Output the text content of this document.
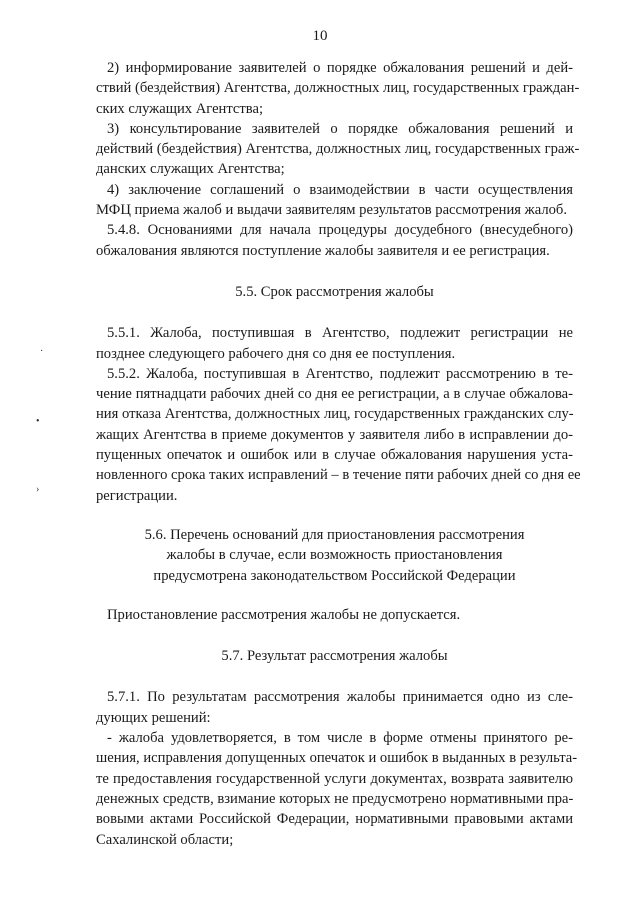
10
·
•
›
2) информирование заявителей о порядке обжалования решений и дей-
ствий (бездействия) Агентства, должностных лиц, государственных граждан-
ских служащих Агентства;
3) консультирование заявителей о порядке обжалования решений и
действий (бездействия) Агентства, должностных лиц, государственных граж-
данских служащих Агентства;
4) заключение соглашений о взаимодействии в части осуществления
МФЦ приема жалоб и выдачи заявителям результатов рассмотрения жалоб.
5.4.8. Основаниями для начала процедуры досудебного (внесудебного)
обжалования являются поступление жалобы заявителя и ее регистрация.
5.5. Срок рассмотрения жалобы
5.5.1. Жалоба, поступившая в Агентство, подлежит регистрации не
позднее следующего рабочего дня со дня ее поступления.
5.5.2. Жалоба, поступившая в Агентство, подлежит рассмотрению в те-
чение пятнадцати рабочих дней со дня ее регистрации, а в случае обжалова-
ния отказа Агентства, должностных лиц, государственных гражданских слу-
жащих Агентства в приеме документов у заявителя либо в исправлении до-
пущенных опечаток и ошибок или в случае обжалования нарушения уста-
новленного срока таких исправлений – в течение пяти рабочих дней со дня ее
регистрации.
5.6. Перечень оснований для приостановления рассмотрения
жалобы в случае, если возможность приостановления
предусмотрена законодательством Российской Федерации
Приостановление рассмотрения жалобы не допускается.
5.7. Результат рассмотрения жалобы
5.7.1. По результатам рассмотрения жалобы принимается одно из сле-
дующих решений:
- жалоба удовлетворяется, в том числе в форме отмены принятого ре-
шения, исправления допущенных опечаток и ошибок в выданных в результа-
те предоставления государственной услуги документах, возврата заявителю
денежных средств, взимание которых не предусмотрено нормативными пра-
вовыми актами Российской Федерации, нормативными правовыми актами
Сахалинской области;
